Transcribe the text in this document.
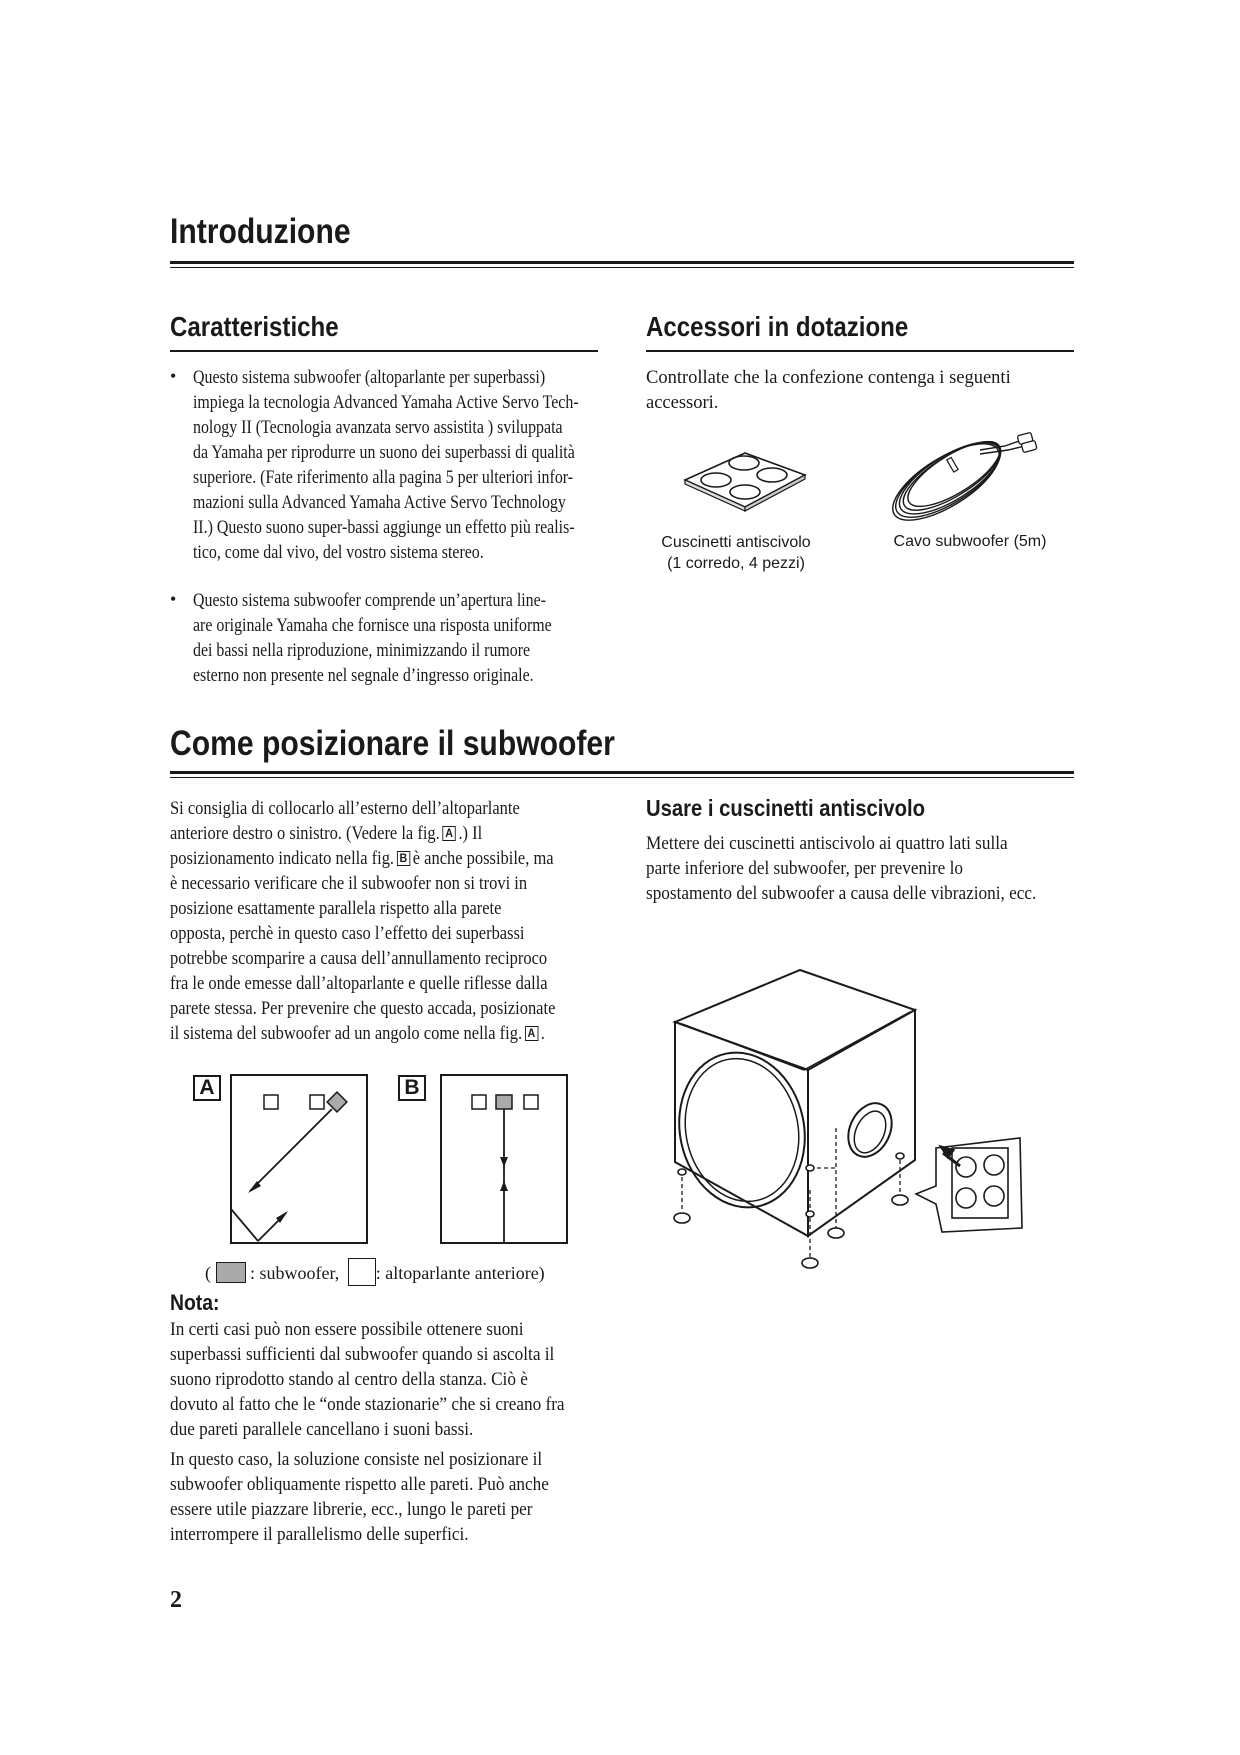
Introduzione
Caratteristiche
• Questo sistema subwoofer (altoparlante per superbassi)
impiega la tecnologia Advanced Yamaha Active Servo Tech-
nology II (Tecnologia avanzata servo assistita ) sviluppata
da Yamaha per riprodurre un suono dei superbassi di qualità
superiore. (Fate riferimento alla pagina 5 per ulteriori infor-
mazioni sulla Advanced Yamaha Active Servo Technology
II.) Questo suono super-bassi aggiunge un effetto più realis-
tico, come dal vivo, del vostro sistema stereo.
• Questo sistema subwoofer comprende un’apertura line-
are originale Yamaha che fornisce una risposta uniforme
dei bassi nella riproduzione, minimizzando il rumore
esterno non presente nel segnale d’ingresso originale.
Accessori in dotazione
Controllate che la confezione contenga i seguenti
accessori.
Cuscinetti antiscivolo
(1 corredo, 4 pezzi)
Cavo subwoofer (5m)
Come posizionare il subwoofer
Si consiglia di collocarlo all’esterno dell’altoparlante
anteriore destro o sinistro. (Vedere la fig. A .) Il
posizionamento indicato nella fig. B è anche possibile, ma
è necessario verificare che il subwoofer non si trovi in
posizione esattamente parallela rispetto alla parete
opposta, perchè in questo caso l’effetto dei superbassi
potrebbe scomparire a causa dell’annullamento reciproco
fra le onde emesse dall’altoparlante e quelle riflesse dalla
parete stessa. Per prevenire che questo accada, posizionate
il sistema del subwoofer ad un angolo come nella fig. A .
A	B
( : subwoofer, : altoparlante anteriore)
Nota:
In certi casi può non essere possibile ottenere suoni
superbassi sufficienti dal subwoofer quando si ascolta il
suono riprodotto stando al centro della stanza. Ciò è
dovuto al fatto che le “onde stazionarie” che si creano fra
due pareti parallele cancellano i suoni bassi.
In questo caso, la soluzione consiste nel posizionare il
subwoofer obliquamente rispetto alle pareti. Può anche
essere utile piazzare librerie, ecc., lungo le pareti per
interrompere il parallelismo delle superfici.
Usare i cuscinetti antiscivolo
Mettere dei cuscinetti antiscivolo ai quattro lati sulla
parte inferiore del subwoofer, per prevenire lo
spostamento del subwoofer a causa delle vibrazioni, ecc.
2
